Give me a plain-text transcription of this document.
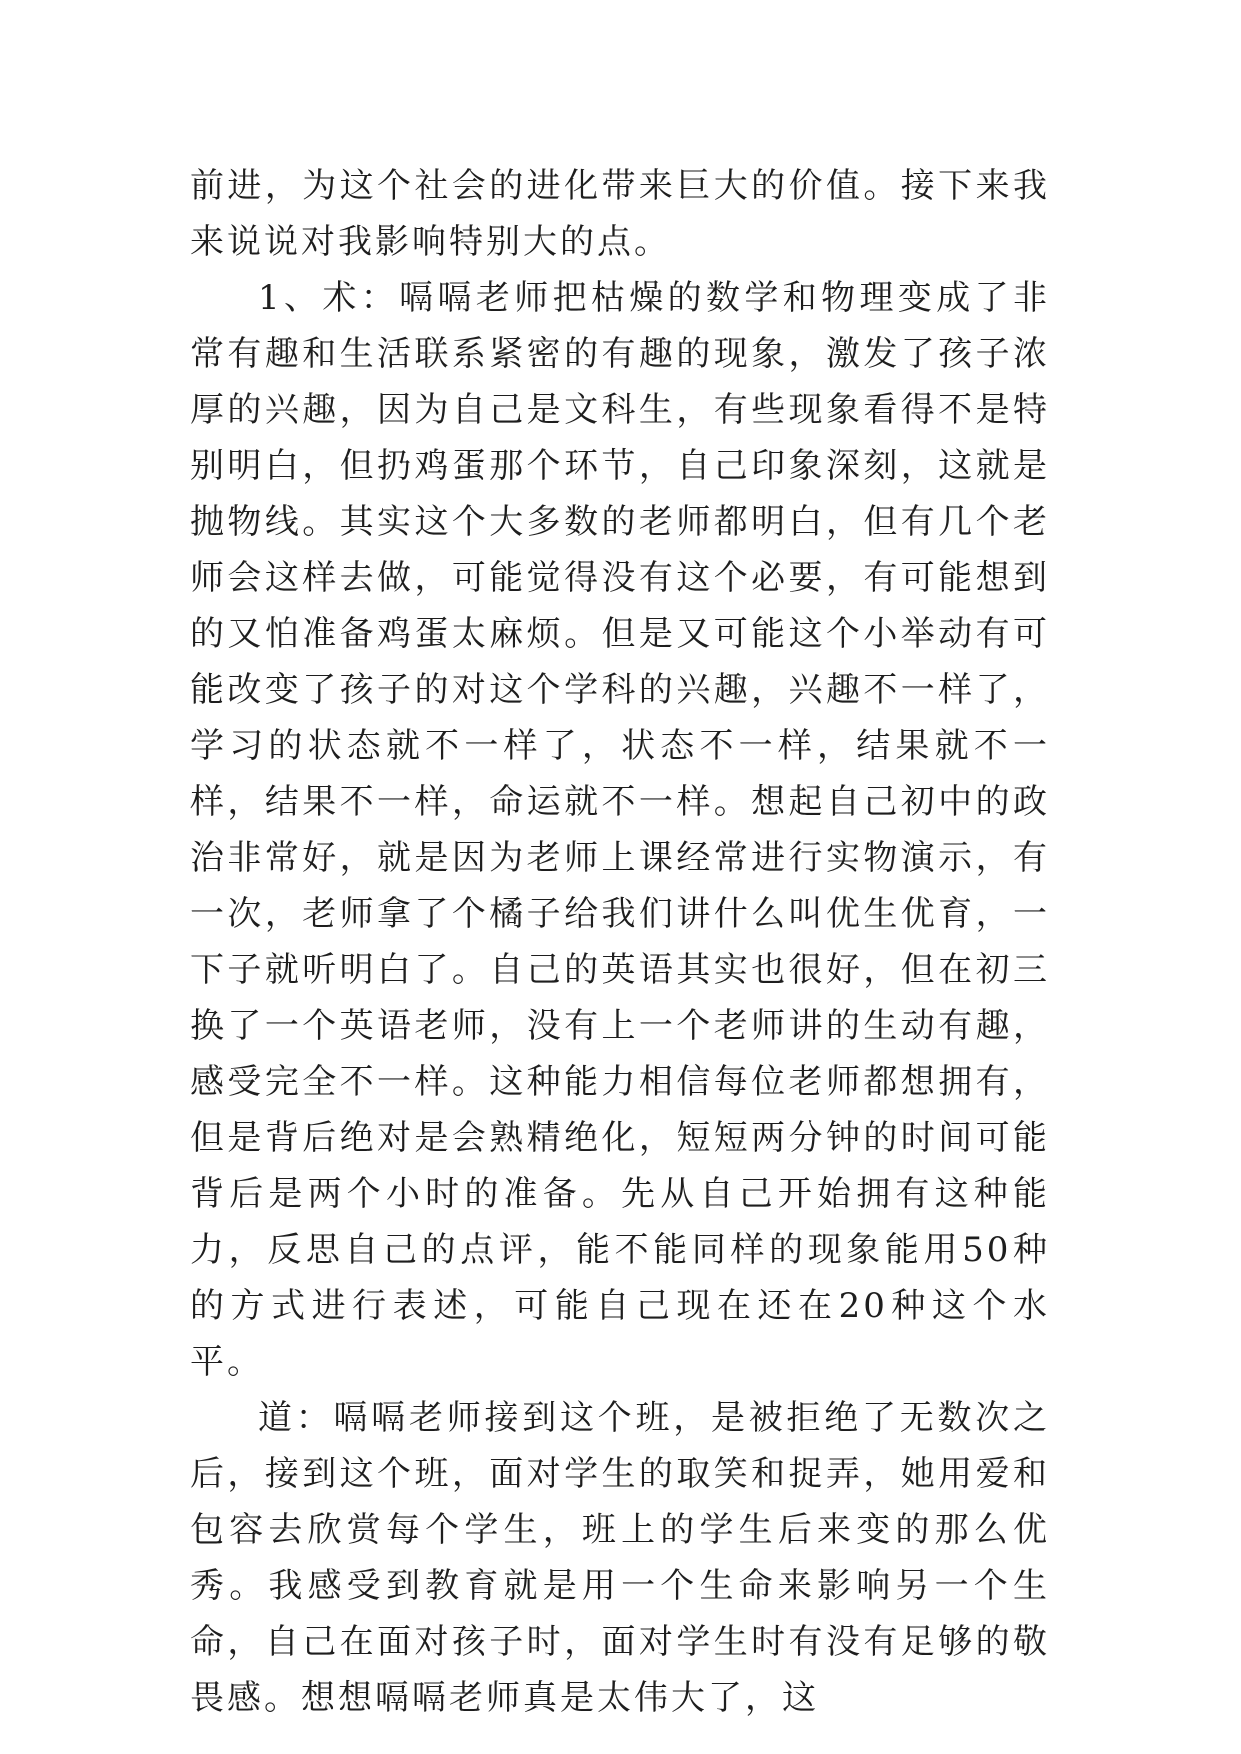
前进，为这个社会的进化带来巨大的价值。接下来我来说说对我影响特别大的点。

1、术：嗝嗝老师把枯燥的数学和物理变成了非常有趣和生活联系紧密的有趣的现象，激发了孩子浓厚的兴趣，因为自己是文科生，有些现象看得不是特别明白，但扔鸡蛋那个环节，自己印象深刻，这就是抛物线。其实这个大多数的老师都明白，但有几个老师会这样去做，可能觉得没有这个必要，有可能想到的又怕准备鸡蛋太麻烦。但是又可能这个小举动有可能改变了孩子的对这个学科的兴趣，兴趣不一样了，学习的状态就不一样了，状态不一样，结果就不一样，结果不一样，命运就不一样。想起自己初中的政治非常好，就是因为老师上课经常进行实物演示，有一次，老师拿了个橘子给我们讲什么叫优生优育，一下子就听明白了。自己的英语其实也很好，但在初三换了一个英语老师，没有上一个老师讲的生动有趣，感受完全不一样。这种能力相信每位老师都想拥有，但是背后绝对是会熟精绝化，短短两分钟的时间可能背后是两个小时的准备。先从自己开始拥有这种能力，反思自己的点评，能不能同样的现象能用50种的方式进行表述，可能自己现在还在20种这个水平。

道：嗝嗝老师接到这个班，是被拒绝了无数次之后，接到这个班，面对学生的取笑和捉弄，她用爱和包容去欣赏每个学生，班上的学生后来变的那么优秀。我感受到教育就是用一个生命来影响另一个生命，自己在面对孩子时，面对学生时有没有足够的敬畏感。想想嗝嗝老师真是太伟大了，这
